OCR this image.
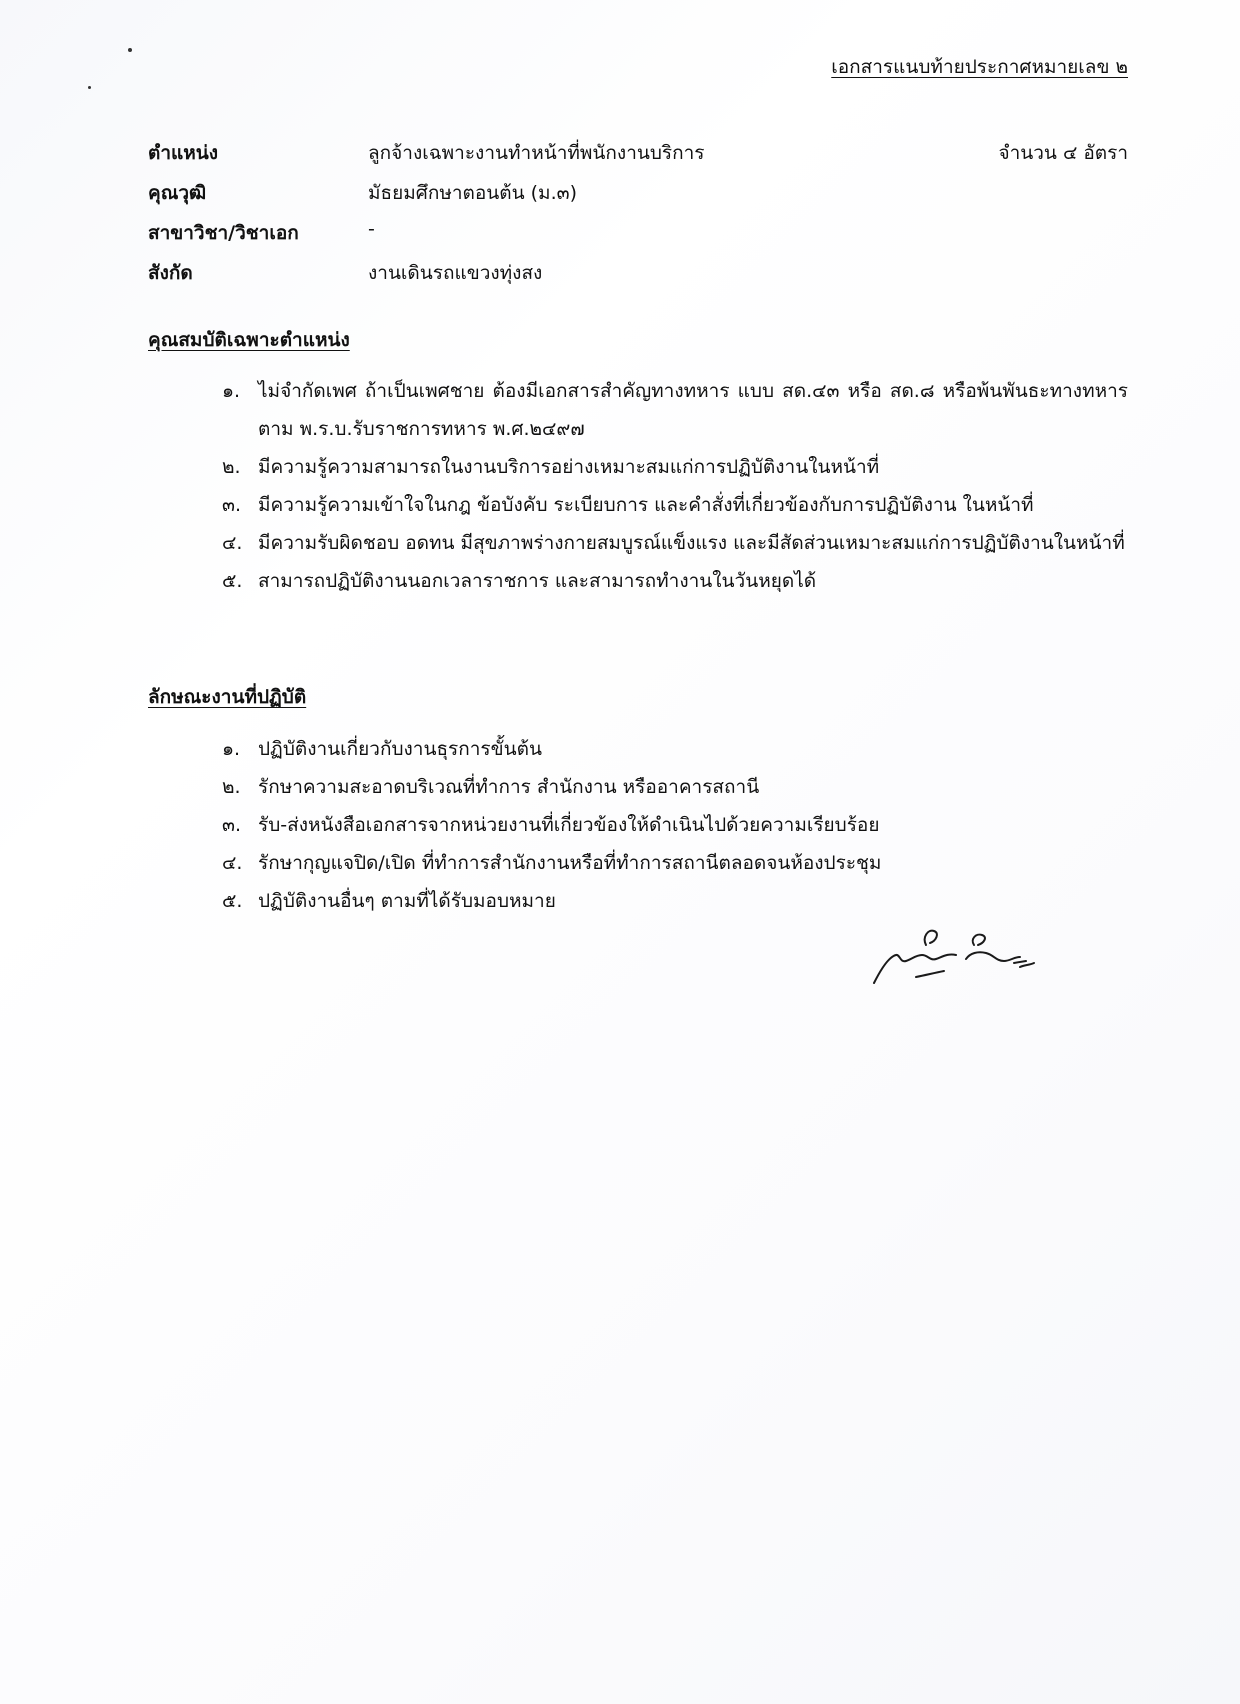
เอกสารแนบท้ายประกาศหมายเลข ๒
ตำแหน่ง	ลูกจ้างเฉพาะงานทำหน้าที่พนักงานบริการ	จำนวน ๔ อัตรา
คุณวุฒิ	มัธยมศึกษาตอนต้น (ม.๓)
สาขาวิชา/วิชาเอก	-
สังกัด	งานเดินรถแขวงทุ่งสง
คุณสมบัติเฉพาะตำแหน่ง
๑. ไม่จำกัดเพศ ถ้าเป็นเพศชาย ต้องมีเอกสารสำคัญทางทหาร แบบ สด.๔๓ หรือ สด.๘ หรือพ้นพันธะทางทหารตาม พ.ร.บ.รับราชการทหาร พ.ศ.๒๔๙๗
๒. มีความรู้ความสามารถในงานบริการอย่างเหมาะสมแก่การปฏิบัติงานในหน้าที่
๓. มีความรู้ความเข้าใจในกฎ ข้อบังคับ ระเบียบการ และคำสั่งที่เกี่ยวข้องกับการปฏิบัติงาน ในหน้าที่
๔. มีความรับผิดชอบ อดทน มีสุขภาพร่างกายสมบูรณ์แข็งแรง และมีสัดส่วนเหมาะสมแก่การปฏิบัติงานในหน้าที่
๕. สามารถปฏิบัติงานนอกเวลาราชการ และสามารถทำงานในวันหยุดได้
ลักษณะงานที่ปฏิบัติ
๑. ปฏิบัติงานเกี่ยวกับงานธุรการขั้นต้น
๒. รักษาความสะอาดบริเวณที่ทำการ สำนักงาน หรืออาคารสถานี
๓. รับ-ส่งหนังสือเอกสารจากหน่วยงานที่เกี่ยวข้องให้ดำเนินไปด้วยความเรียบร้อย
๔. รักษากุญแจปิด/เปิด ที่ทำการสำนักงานหรือที่ทำการสถานีตลอดจนห้องประชุม
๕. ปฏิบัติงานอื่นๆ ตามที่ได้รับมอบหมาย
